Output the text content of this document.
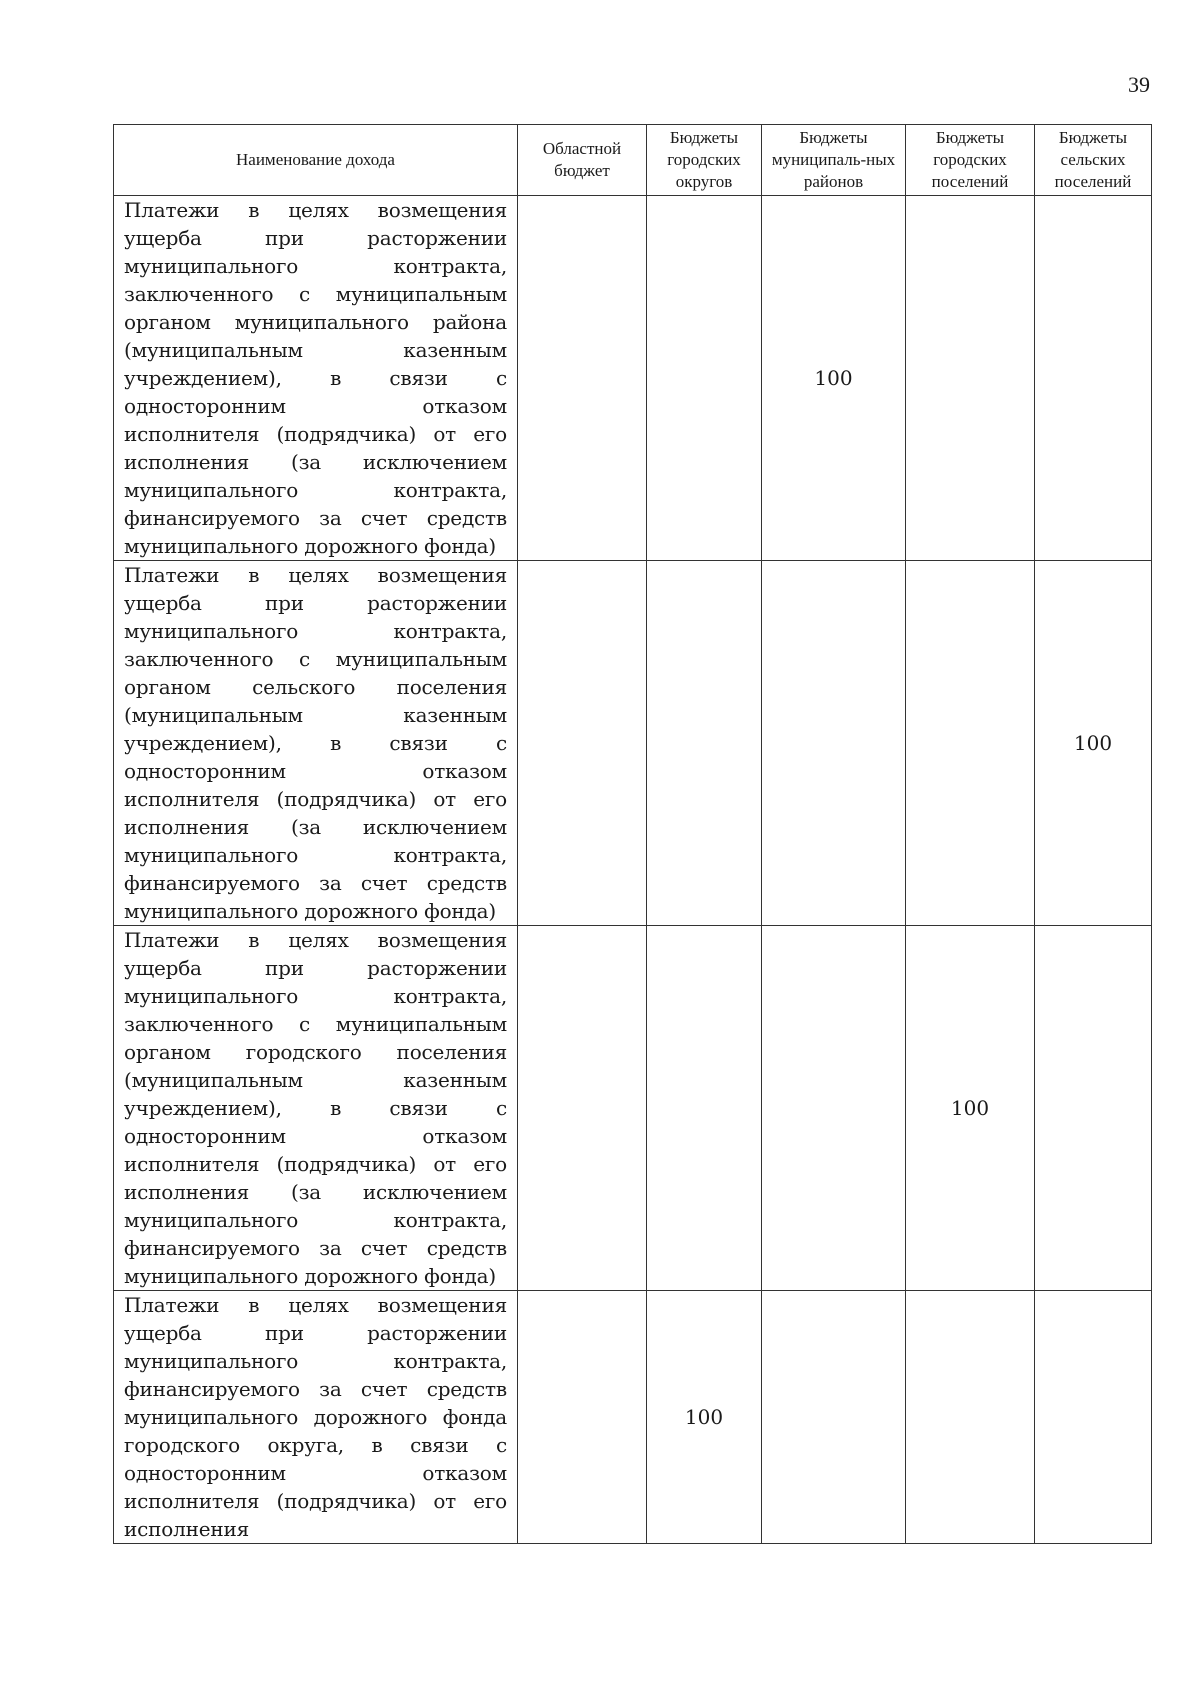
39
Наименование дохода	Областной бюджет	Бюджеты городских округов	Бюджеты муниципаль-ных районов	Бюджеты городских поселений	Бюджеты сельских поселений
Платежи в целях возмещения ущерба при расторжении муниципального контракта, заключенного с муниципальным органом муниципального района (муниципальным казенным учреждением), в связи с односторонним отказом исполнителя (подрядчика) от его исполнения (за исключением муниципального контракта, финансируемого за счет средств муниципального дорожного фонда)			100		
Платежи в целях возмещения ущерба при расторжении муниципального контракта, заключенного с муниципальным органом сельского поселения (муниципальным казенным учреждением), в связи с односторонним отказом исполнителя (подрядчика) от его исполнения (за исключением муниципального контракта, финансируемого за счет средств муниципального дорожного фонда)					100
Платежи в целях возмещения ущерба при расторжении муниципального контракта, заключенного с муниципальным органом городского поселения (муниципальным казенным учреждением), в связи с односторонним отказом исполнителя (подрядчика) от его исполнения (за исключением муниципального контракта, финансируемого за счет средств муниципального дорожного фонда)				100	
Платежи в целях возмещения ущерба при расторжении муниципального контракта, финансируемого за счет средств муниципального дорожного фонда городского округа, в связи с односторонним отказом исполнителя (подрядчика) от его исполнения		100			
